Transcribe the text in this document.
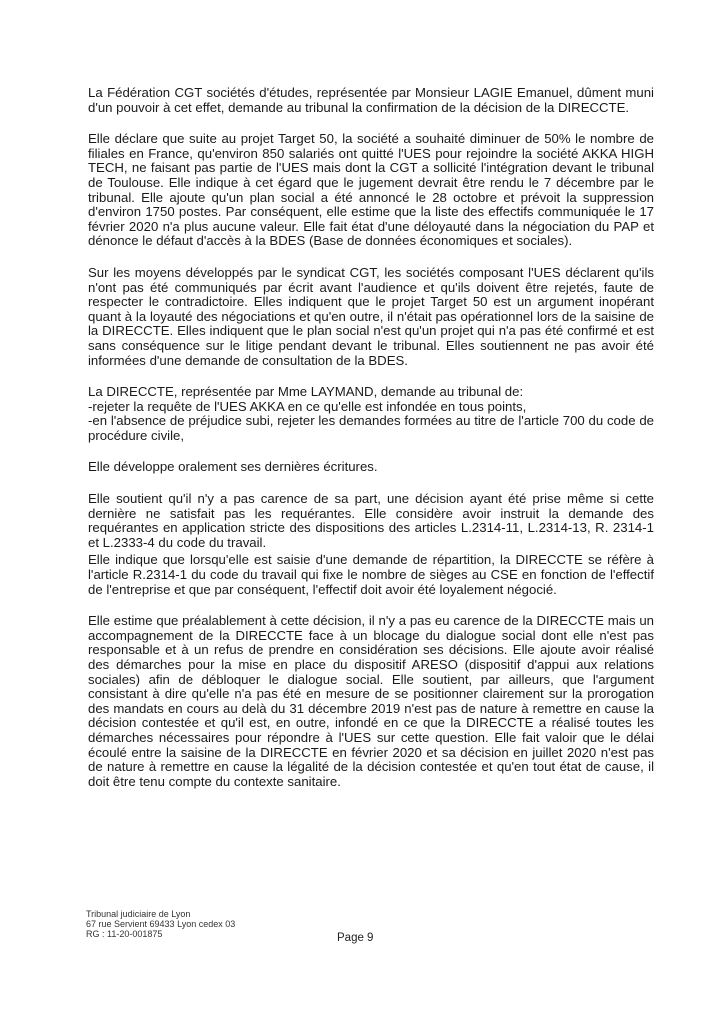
La Fédération CGT sociétés d'études, représentée par Monsieur LAGIE Emanuel, dûment muni d'un pouvoir à cet effet, demande au tribunal la confirmation de la décision de la DIRECCTE.

Elle déclare que suite au projet Target 50, la société a souhaité diminuer de 50% le nombre de filiales en France, qu'environ 850 salariés ont quitté l'UES pour rejoindre la société AKKA HIGH TECH, ne faisant pas partie de l'UES mais dont la CGT a sollicité l'intégration devant le tribunal de Toulouse. Elle indique à cet égard que le jugement devrait être rendu le 7 décembre par le tribunal. Elle ajoute qu'un plan social a été annoncé le 28 octobre et prévoit la suppression d'environ 1750 postes. Par conséquent, elle estime que la liste des effectifs communiquée le 17 février 2020 n'a plus aucune valeur. Elle fait état d'une déloyauté dans la négociation du PAP et dénonce le défaut d'accès à la BDES (Base de données économiques et sociales).

Sur les moyens développés par le syndicat CGT, les sociétés composant l'UES déclarent qu'ils n'ont pas été communiqués par écrit avant l'audience et qu'ils doivent être rejetés, faute de respecter le contradictoire. Elles indiquent que le projet Target 50 est un argument inopérant quant à la loyauté des négociations et qu'en outre, il n'était pas opérationnel lors de la saisine de la DIRECCTE. Elles indiquent que le plan social n'est qu'un projet qui n'a pas été confirmé et est sans conséquence sur le litige pendant devant le tribunal. Elles soutiennent ne pas avoir été informées d'une demande de consultation de la BDES.

La DIRECCTE, représentée par Mme LAYMAND, demande au tribunal de:
-rejeter la requête de l'UES AKKA en ce qu'elle est infondée en tous points,
-en l'absence de préjudice subi, rejeter les demandes formées au titre de l'article 700 du code de procédure civile,

Elle développe oralement ses dernières écritures.

Elle soutient qu'il n'y a pas carence de sa part, une décision ayant été prise même si cette dernière ne satisfait pas les requérantes. Elle considère avoir instruit la demande des requérantes en application stricte des dispositions des articles L.2314-11, L.2314-13, R. 2314-1 et L.2333-4 du code du travail.

Elle indique que lorsqu'elle est saisie d'une demande de répartition, la DIRECCTE se réfère à l'article R.2314-1 du code du travail qui fixe le nombre de sièges au CSE en fonction de l'effectif de l'entreprise et que par conséquent, l'effectif doit avoir été loyalement négocié.

Elle estime que préalablement à cette décision, il n'y a pas eu carence de la DIRECCTE mais un accompagnement de la DIRECCTE face à un blocage du dialogue social dont elle n'est pas responsable et à un refus de prendre en considération ses décisions. Elle ajoute avoir réalisé des démarches pour la mise en place du dispositif ARESO (dispositif d'appui aux relations sociales) afin de débloquer le dialogue social. Elle soutient, par ailleurs, que l'argument consistant à dire qu'elle n'a pas été en mesure de se positionner clairement sur la prorogation des mandats en cours au delà du 31 décembre 2019 n'est pas de nature à remettre en cause la décision contestée et qu'il est, en outre, infondé en ce que la DIRECCTE a réalisé toutes les démarches nécessaires pour répondre à l'UES sur cette question. Elle fait valoir que le délai écoulé entre la saisine de la DIRECCTE en février 2020 et sa décision en juillet 2020 n'est pas de nature à remettre en cause la légalité de la décision contestée et qu'en tout état de cause, il doit être tenu compte du contexte sanitaire.

Tribunal judiciaire de Lyon
67 rue Servient 69433 Lyon cedex 03
RG : 11-20-001875	Page 9
